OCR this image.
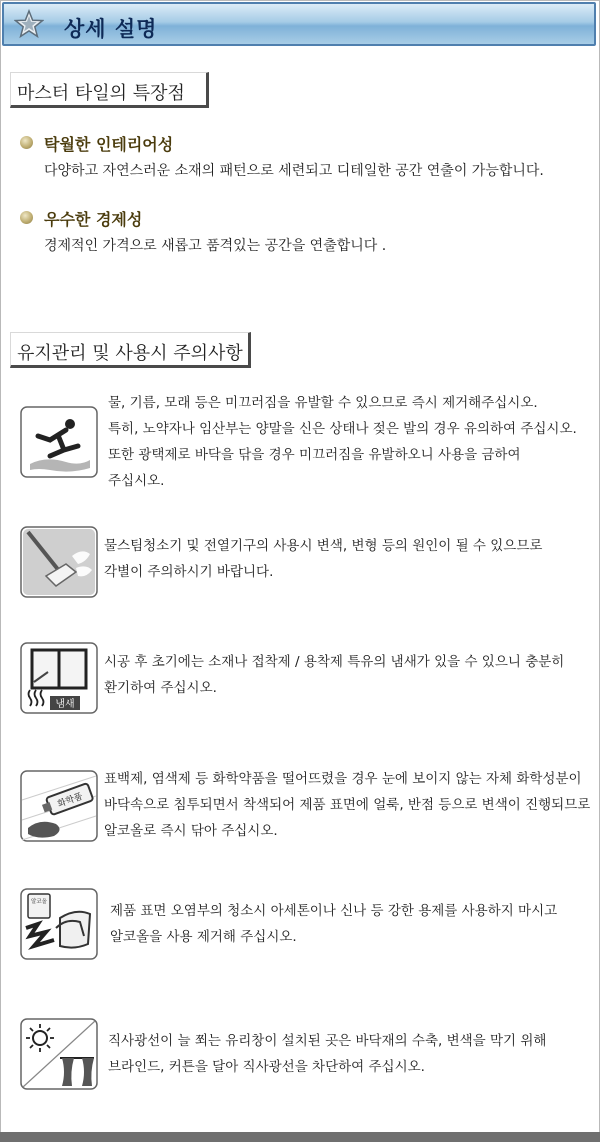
상세 설명
마스터 타일의 특장점
탁월한 인테리어성
다양하고 자연스러운 소재의 패턴으로 세련되고 디테일한 공간 연출이 가능합니다.
우수한 경제성
경제적인 가격으로 새롭고 품격있는 공간을 연출합니다 .
유지관리 및 사용시 주의사항
물, 기름, 모래 등은 미끄러짐을 유발할 수 있으므로 즉시 제거해주십시오.
특히, 노약자나 임산부는 양말을 신은 상태나 젖은 발의 경우 유의하여 주십시오.
또한 광택제로 바닥을 닦을 경우 미끄러짐을 유발하오니 사용을 금하여
주십시오.
물스팀청소기 및 전열기구의 사용시 변색, 변형 등의 원인이 될 수 있으므로
각별이 주의하시기 바랍니다.
냄새
시공 후 초기에는 소재나 접착제 / 용착제 특유의 냄새가 있을 수 있으니 충분히
환기하여 주십시오.
화학품
표백제, 염색제 등 화학약품을 떨어뜨렸을 경우 눈에 보이지 않는 자체 화학성분이
바닥속으로 침투되면서 착색되어 제품 표면에 얼룩, 반점 등으로 변색이 진행되므로
알코올로 즉시 닦아 주십시오.
알코올
제품 표면 오염부의 청소시 아세톤이나 신나 등 강한 용제를 사용하지 마시고
알코올을 사용 제거해 주십시오.
직사광선이 늘 쬐는 유리창이 설치된 곳은 바닥재의 수축, 변색을 막기 위해
브라인드, 커튼을 달아 직사광선을 차단하여 주십시오.
